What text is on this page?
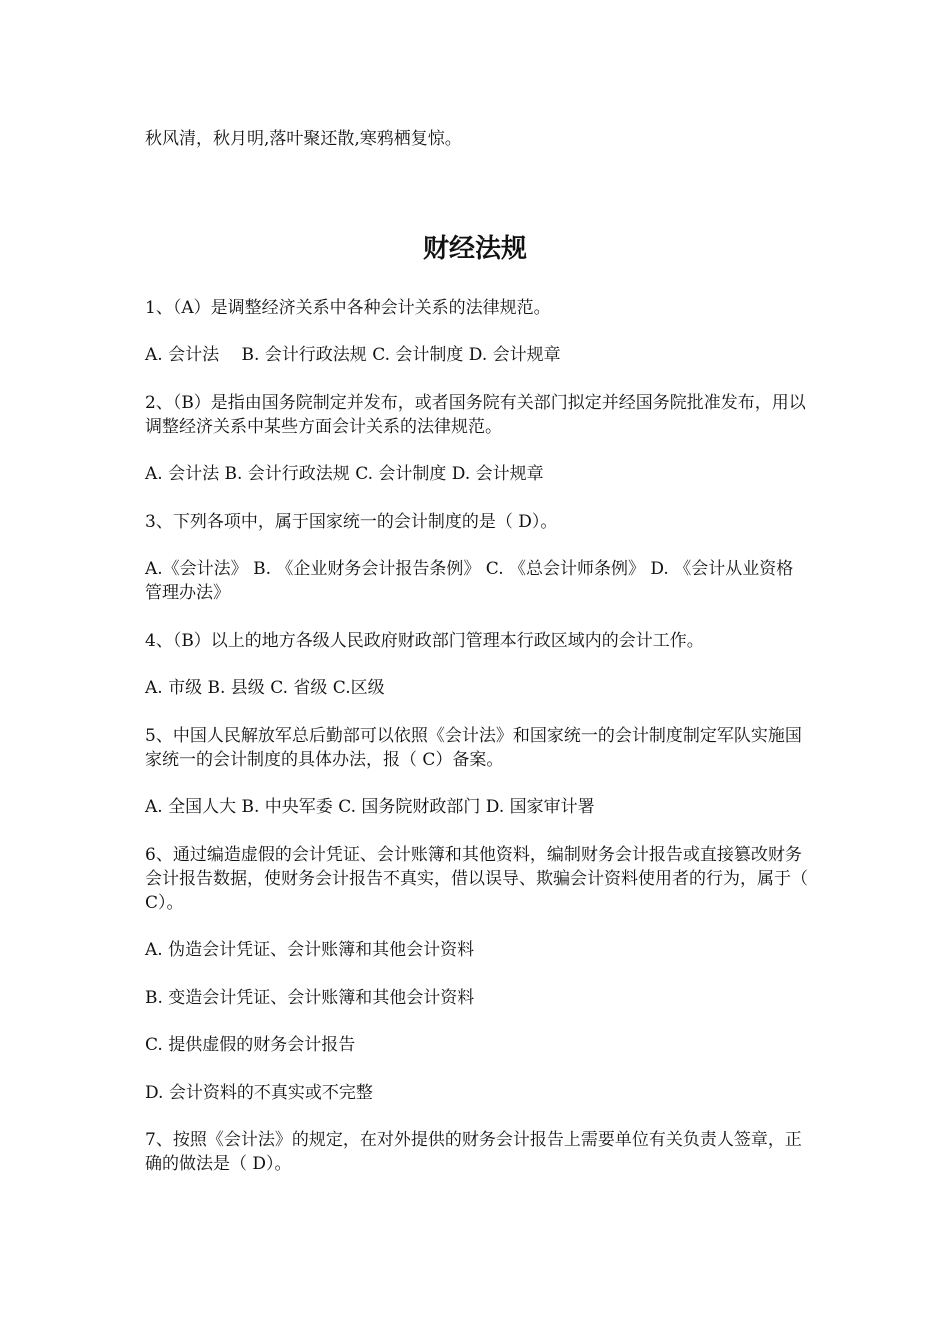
秋风清，秋月明,落叶聚还散,寒鸦栖复惊。
财经法规
1、（A）是调整经济关系中各种会计关系的法律规范。
A. 会计法　 B. 会计行政法规 C. 会计制度 D. 会计规章
2、（B）是指由国务院制定并发布，或者国务院有关部门拟定并经国务院批准发布，用以调整经济关系中某些方面会计关系的法律规范。
A. 会计法 B. 会计行政法规 C. 会计制度 D. 会计规章
3、下列各项中，属于国家统一的会计制度的是（ D）。
A.《会计法》 B. 《企业财务会计报告条例》 C. 《总会计师条例》 D. 《会计从业资格管理办法》
4、（B）以上的地方各级人民政府财政部门管理本行政区域内的会计工作。
A. 市级 B. 县级 C. 省级 C.区级
5、中国人民解放军总后勤部可以依照《会计法》和国家统一的会计制度制定军队实施国家统一的会计制度的具体办法，报（ C）备案。
A. 全国人大 B. 中央军委 C. 国务院财政部门 D. 国家审计署
6、通过编造虚假的会计凭证、会计账簿和其他资料，编制财务会计报告或直接篡改财务会计报告数据，使财务会计报告不真实，借以误导、欺骗会计资料使用者的行为，属于（ C）。
A. 伪造会计凭证、会计账簿和其他会计资料
B. 变造会计凭证、会计账簿和其他会计资料
C. 提供虚假的财务会计报告
D. 会计资料的不真实或不完整
7、按照《会计法》的规定，在对外提供的财务会计报告上需要单位有关负责人签章，正确的做法是（ D）。
